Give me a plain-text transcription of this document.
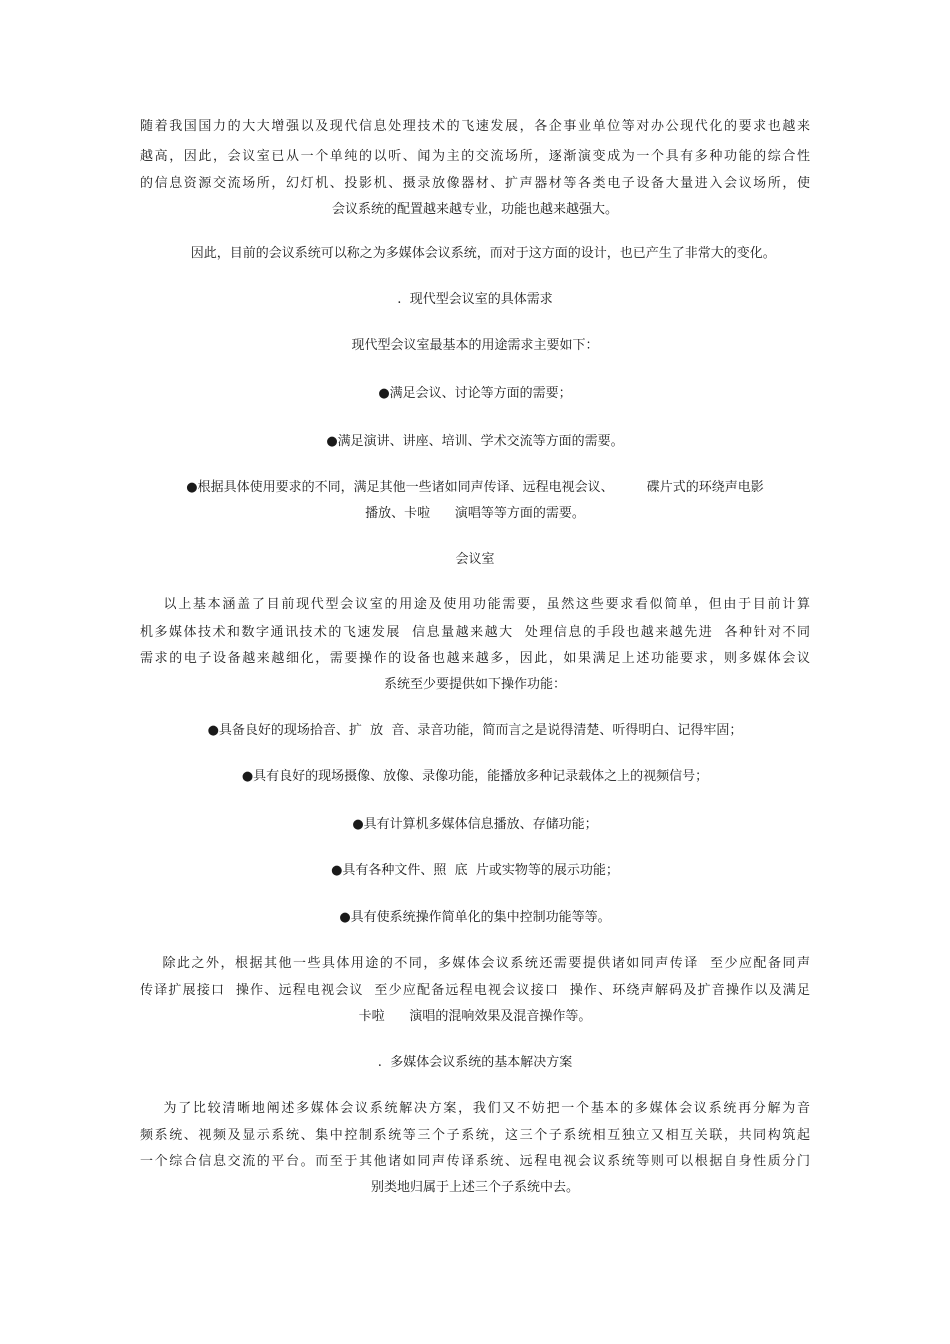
随着我国国力的大大增强以及现代信息处理技术的飞速发展，各企事业单位等对办公现代化的要求也越来
越高，因此，会议室已从一个单纯的以听、闻为主的交流场所，逐渐演变成为一个具有多种功能的综合性
的信息资源交流场所，幻灯机、投影机、摄录放像器材、扩声器材等各类电子设备大量进入会议场所，使
会议系统的配置越来越专业，功能也越来越强大。
因此，目前的会议系统可以称之为多媒体会议系统，而对于这方面的设计，也已产生了非常大的变化。
.  现代型会议室的具体需求
现代型会议室最基本的用途需求主要如下：
●满足会议、讨论等方面的需要；
●满足演讲、讲座、培训、学术交流等方面的需要。
●根据具体使用要求的不同，满足其他一些诸如同声传译、远程电视会议、        碟片式的环绕声电影
播放、卡啦      演唱等等方面的需要。
会议室
以上基本涵盖了目前现代型会议室的用途及使用功能需要，虽然这些要求看似简单，但由于目前计算
机多媒体技术和数字通讯技术的飞速发展  信息量越来越大  处理信息的手段也越来越先进  各种针对不同
需求的电子设备越来越细化，需要操作的设备也越来越多，因此，如果满足上述功能要求，则多媒体会议
系统至少要提供如下操作功能：
●具备良好的现场拾音、扩  放  音、录音功能，简而言之是说得清楚、听得明白、记得牢固；
●具有良好的现场摄像、放像、录像功能，能播放多种记录载体之上的视频信号；
●具有计算机多媒体信息播放、存储功能；
●具有各种文件、照  底  片或实物等的展示功能；
●具有使系统操作简单化的集中控制功能等等。
除此之外，根据其他一些具体用途的不同，多媒体会议系统还需要提供诸如同声传译  至少应配备同声
传译扩展接口  操作、远程电视会议  至少应配备远程电视会议接口  操作、环绕声解码及扩音操作以及满足
卡啦      演唱的混响效果及混音操作等。
.  多媒体会议系统的基本解决方案
为了比较清晰地阐述多媒体会议系统解决方案，我们又不妨把一个基本的多媒体会议系统再分解为音
频系统、视频及显示系统、集中控制系统等三个子系统，这三个子系统相互独立又相互关联，共同构筑起
一个综合信息交流的平台。而至于其他诸如同声传译系统、远程电视会议系统等则可以根据自身性质分门
别类地归属于上述三个子系统中去。
